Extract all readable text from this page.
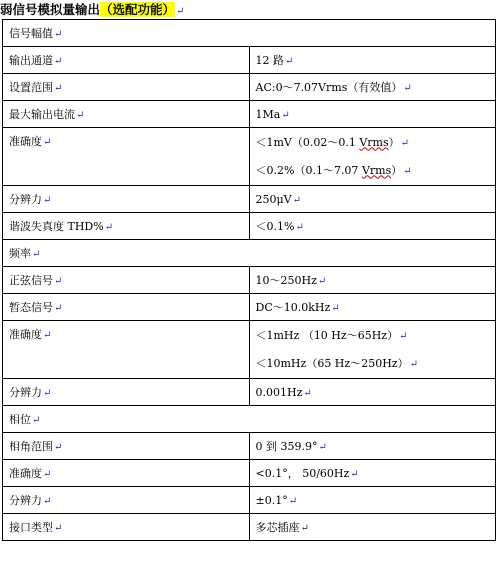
弱信号模拟量输出（选配功能）↵
信号幅值↵	
输出通道↵	12 路↵
设置范围↵	AC:0～7.07Vrms（有效值）↵
最大输出电流↵	1Ma↵
准确度↵	＜1mV（0.02～0.1 Vrms）↵
＜0.2%（0.1～7.07 Vrms）↵

分辨力↵	250μV↵
谐波失真度 THD%↵	＜0.1%↵
频率↵	
正弦信号↵	10～250Hz↵
暂态信号↵	DC～10.0kHz↵
准确度↵	＜1mHz （10 Hz～65Hz）↵
＜10mHz（65 Hz～250Hz）↵

分辨力↵	0.001Hz↵
相位↵	
相角范围↵	0 到 359.9°↵
准确度↵	<0.1°， 50/60Hz↵
分辨力↵	±0.1°↵
接口类型↵	多芯插座↵
